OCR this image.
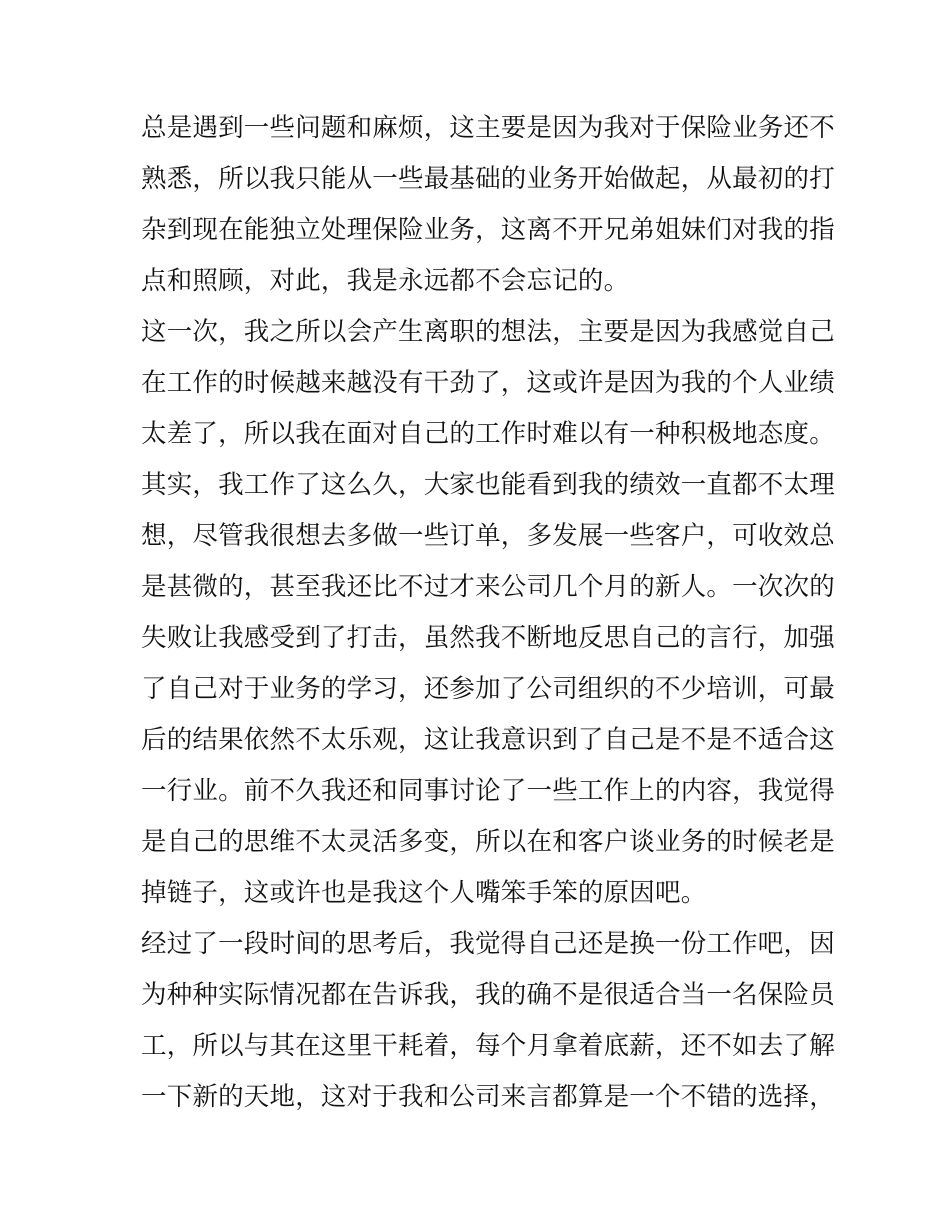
总是遇到一些问题和麻烦，这主要是因为我对于保险业务还不
熟悉，所以我只能从一些最基础的业务开始做起，从最初的打
杂到现在能独立处理保险业务，这离不开兄弟姐妹们对我的指
点和照顾，对此，我是永远都不会忘记的。
这一次，我之所以会产生离职的想法，主要是因为我感觉自己
在工作的时候越来越没有干劲了，这或许是因为我的个人业绩
太差了，所以我在面对自己的工作时难以有一种积极地态度。
其实，我工作了这么久，大家也能看到我的绩效一直都不太理
想，尽管我很想去多做一些订单，多发展一些客户，可收效总
是甚微的，甚至我还比不过才来公司几个月的新人。一次次的
失败让我感受到了打击，虽然我不断地反思自己的言行，加强
了自己对于业务的学习，还参加了公司组织的不少培训，可最
后的结果依然不太乐观，这让我意识到了自己是不是不适合这
一行业。前不久我还和同事讨论了一些工作上的内容，我觉得
是自己的思维不太灵活多变，所以在和客户谈业务的时候老是
掉链子，这或许也是我这个人嘴笨手笨的原因吧。
经过了一段时间的思考后，我觉得自己还是换一份工作吧，因
为种种实际情况都在告诉我，我的确不是很适合当一名保险员
工，所以与其在这里干耗着，每个月拿着底薪，还不如去了解
一下新的天地，这对于我和公司来言都算是一个不错的选择，
